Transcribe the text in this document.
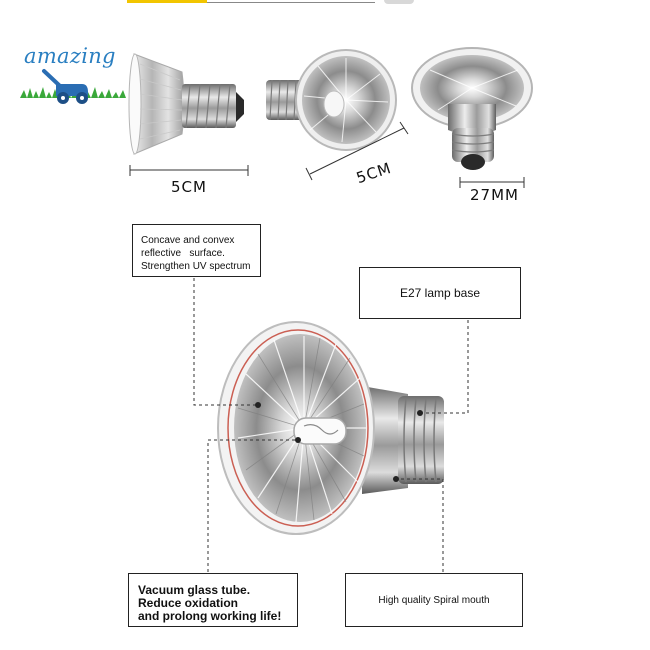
amazing
5CM	5CM
27MM
Concave and convex
reflective   surface.
Strengthen UV spectrum
E27 lamp base
Vacuum glass tube.
Reduce oxidation
and prolong working life!
High quality Spiral mouth
